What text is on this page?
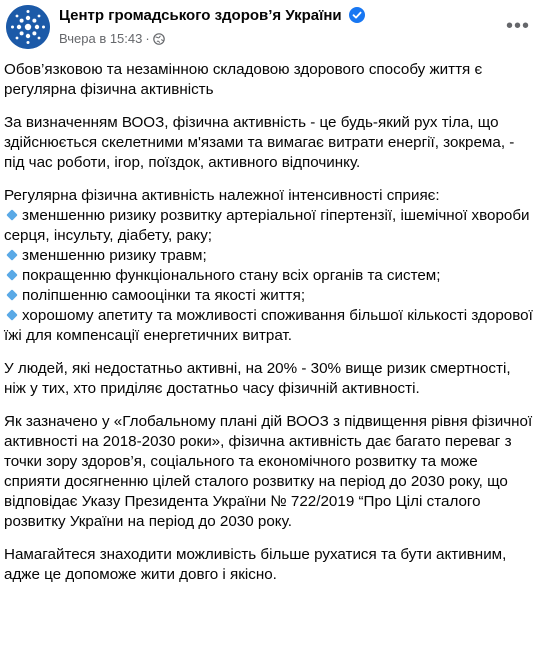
Центр громадського здоров’я України
Вчера в 15:43 ·
•••

Обов’язковою та незамінною складовою здорового способу життя є регулярна фізична активність

За визначенням ВООЗ, фізична активність - це будь-який рух тіла, що здійснюється скелетними м'язами та вимагає витрати енергії, зокрема, - під час роботи, ігор, поїздок, активного відпочинку.

Регулярна фізична активність належної інтенсивності сприяє:
зменшенню ризику розвитку артеріальної гіпертензії, ішемічної хвороби серця, інсульту, діабету, раку;
зменшенню ризику травм;
покращенню функціонального стану всіх органів та систем;
поліпшенню самооцінки та якості життя;
хорошому апетиту та можливості споживання більшої кількості здорової їжі для компенсації енергетичних витрат.

У людей, які недостатньо активні, на 20% - 30% вище ризик смертності, ніж у тих, хто приділяє достатньо часу фізичній активності.

Як зазначено у «Глобальному плані дій ВООЗ з підвищення рівня фізичної активності на 2018-2030 роки», фізична активність дає багато переваг з точки зору здоров’я, соціального та економічного розвитку та може сприяти досягненню цілей сталого розвитку на період до 2030 року, що відповідає Указу Президента України № 722/2019 “Про Цілі сталого розвитку України на період до 2030 року.

Намагайтеся знаходити можливість більше рухатися та бути активним, адже це допоможе жити довго і якісно.
